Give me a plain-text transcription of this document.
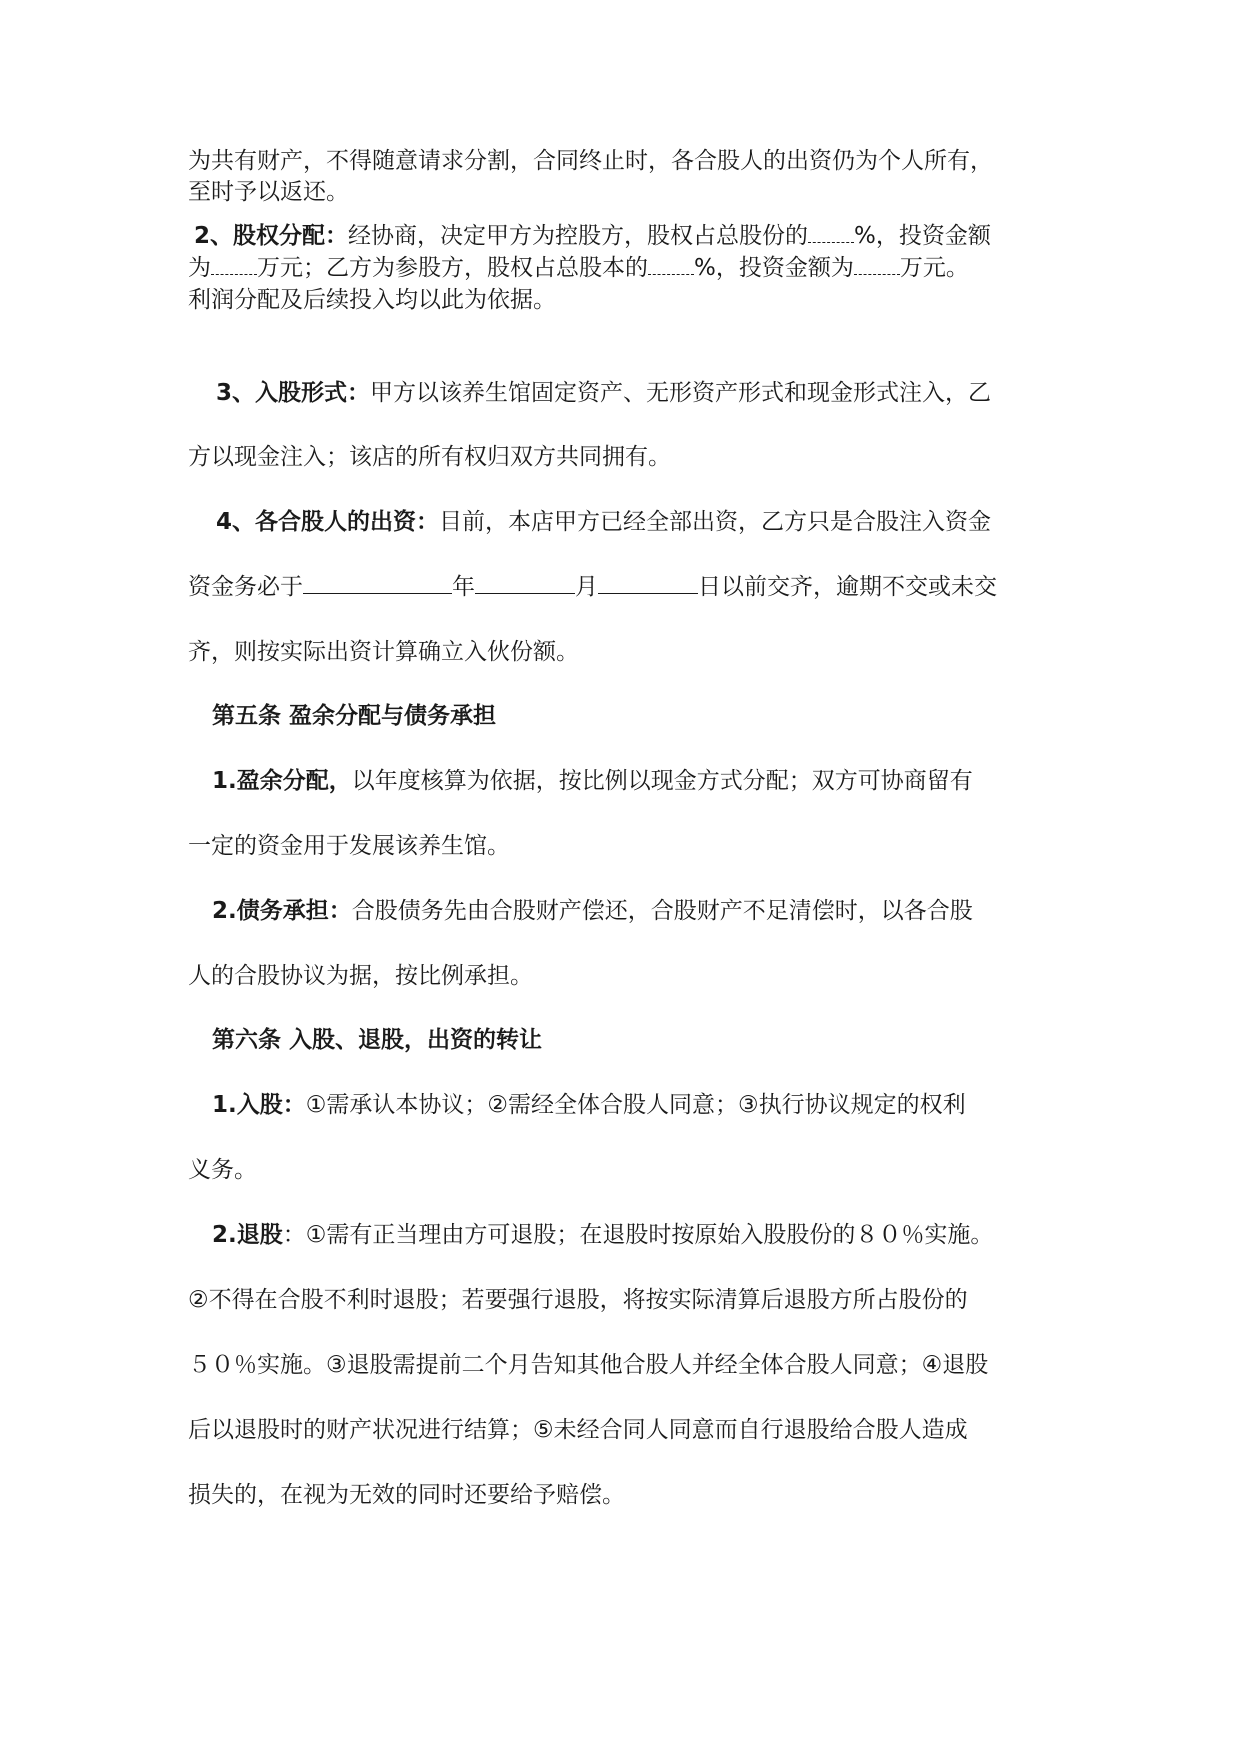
为共有财产，不得随意请求分割，合同终止时，各合股人的出资仍为个人所有，
至时予以返还。
2、股权分配：经协商，决定甲方为控股方，股权占总股份的 %，投资金额
为 万元；乙方为参股方，股权占总股本的 %，投资金额为 万元。
利润分配及后续投入均以此为依据。
3、入股形式：甲方以该养生馆固定资产、无形资产形式和现金形式注入，乙
方以现金注入；该店的所有权归双方共同拥有。
4、各合股人的出资：目前，本店甲方已经全部出资，乙方只是合股注入资金
资金务必于	年	月	日以前交齐，逾期不交或未交
齐，则按实际出资计算确立入伙份额。
第五条 盈余分配与债务承担
1.盈余分配，以年度核算为依据，按比例以现金方式分配；双方可协商留有
一定的资金用于发展该养生馆。
2.债务承担：合股债务先由合股财产偿还，合股财产不足清偿时，以各合股
人的合股协议为据，按比例承担。
第六条 入股、退股，出资的转让
1.入股：①需承认本协议；②需经全体合股人同意；③执行协议规定的权利
义务。
2.退股：①需有正当理由方可退股；在退股时按原始入股股份的８０％实施。
②不得在合股不利时退股；若要强行退股，将按实际清算后退股方所占股份的
５０％实施。③退股需提前二个月告知其他合股人并经全体合股人同意；④退股
后以退股时的财产状况进行结算；⑤未经合同人同意而自行退股给合股人造成
损失的，在视为无效的同时还要给予赔偿。
